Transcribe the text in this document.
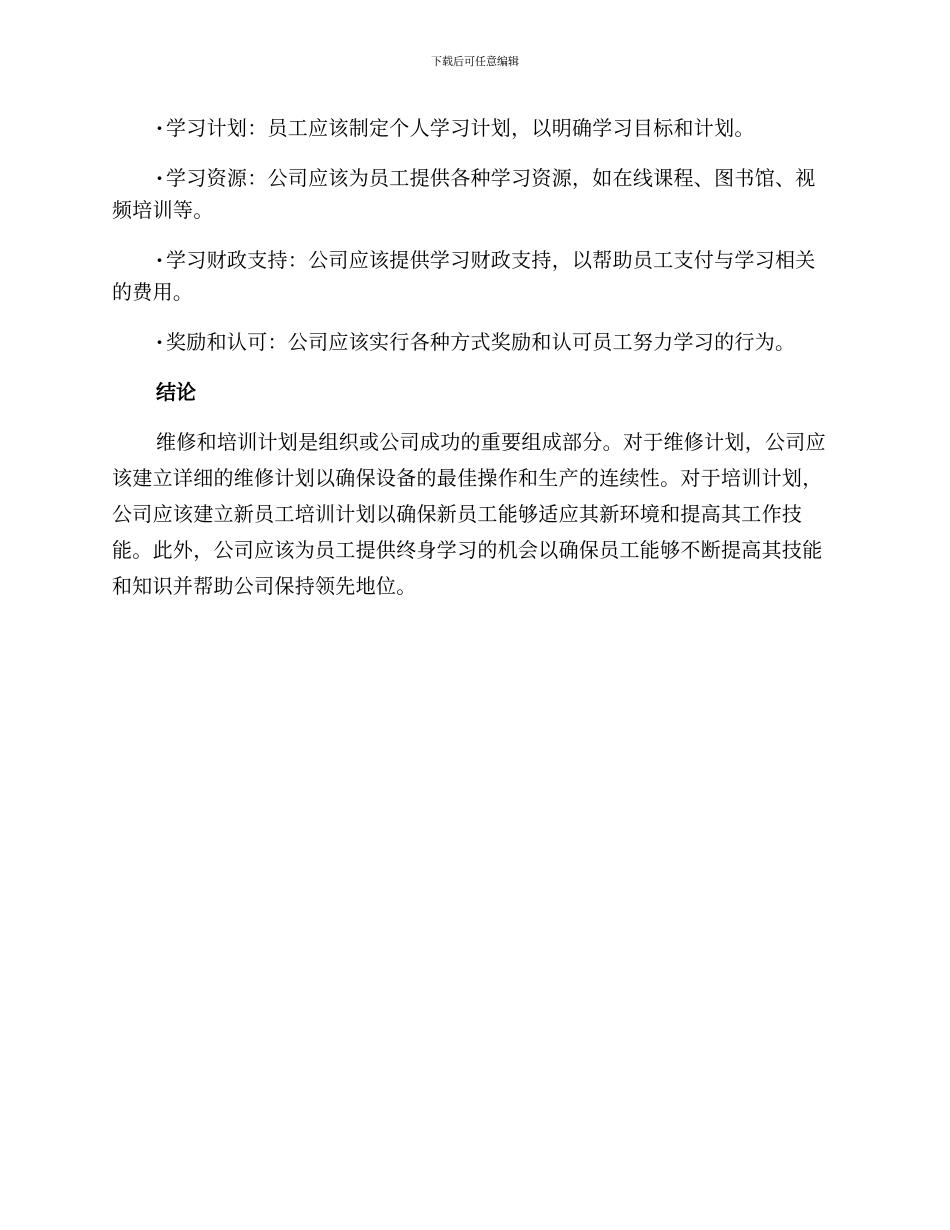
下载后可任意编辑

· 学习计划：员工应该制定个人学习计划，以明确学习目标和计划。

· 学习资源：公司应该为员工提供各种学习资源，如在线课程、图书馆、视频培训等。

· 学习财政支持：公司应该提供学习财政支持，以帮助员工支付与学习相关的费用。

· 奖励和认可：公司应该实行各种方式奖励和认可员工努力学习的行为。

结论

维修和培训计划是组织或公司成功的重要组成部分。对于维修计划，公司应该建立详细的维修计划以确保设备的最佳操作和生产的连续性。对于培训计划，公司应该建立新员工培训计划以确保新员工能够适应其新环境和提高其工作技能。此外，公司应该为员工提供终身学习的机会以确保员工能够不断提高其技能和知识并帮助公司保持领先地位。
